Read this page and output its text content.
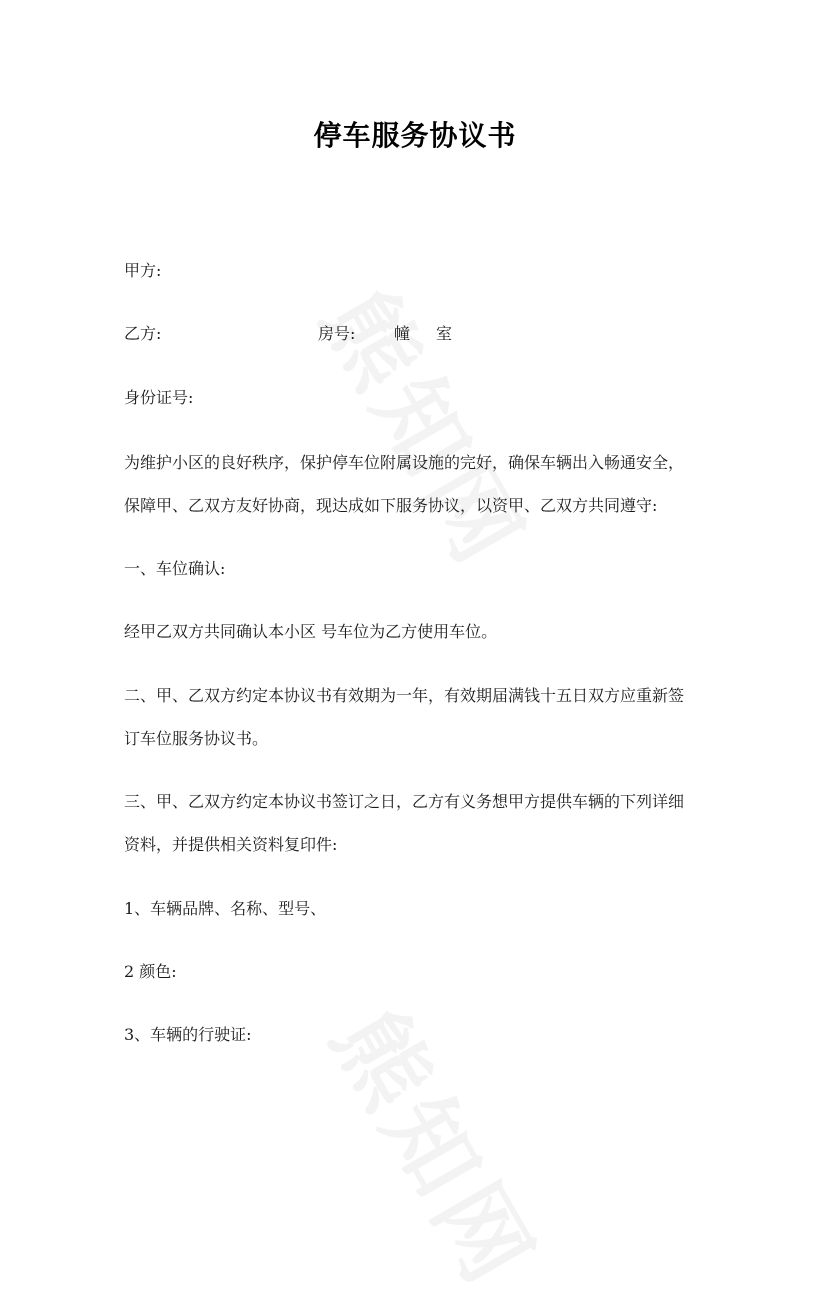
停车服务协议书
甲方:
乙方:	房号: 幢 室
身份证号:
为维护小区的良好秩序，保护停车位附属设施的完好，确保车辆出入畅通安全，
保障甲、乙双方友好协商，现达成如下服务协议，以资甲、乙双方共同遵守:
一、车位确认:
经甲乙双方共同确认本小区 号车位为乙方使用车位。
二、甲、乙双方约定本协议书有效期为一年，有效期届满钱十五日双方应重新签
订车位服务协议书。
三、甲、乙双方约定本协议书签订之日，乙方有义务想甲方提供车辆的下列详细
资料，并提供相关资料复印件:
1、车辆品牌、名称、型号、
2 颜色:
3、车辆的行驶证:
